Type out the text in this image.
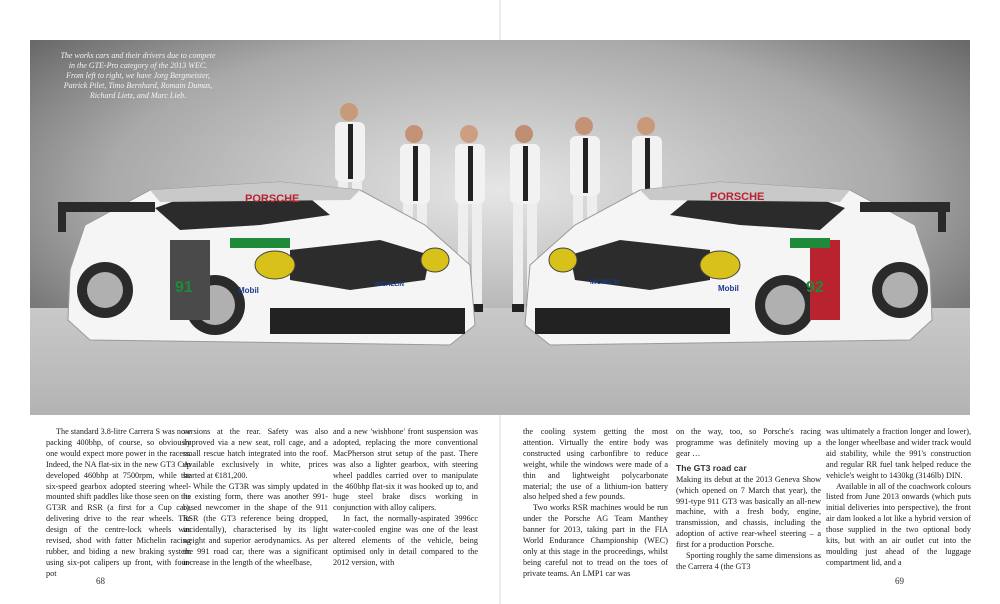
PORSCHE	PORSCHE
91	92
Mobil
MICHELIN	Mobil
MICHELIN
The works cars and their drivers due to compete
in the GTE-Pro category of the 2013 WEC.
From left to right, we have Jorg Bergmeister,
Patrick Pilet, Timo Bernhard, Romain Dumas,
Richard Lietz, and Marc Lieb.

The standard 3.8-litre Carrera S was now packing 400bhp, of course, so obviously one would expect more power in the racers. Indeed, the NA flat-six in the new GT3 Cup developed 460bhp at 7500rpm, while the six-speed gearbox adopted steering wheel-mounted shift paddles like those seen on the GT3R and RSR (a first for a Cup car), delivering drive to the rear wheels. The design of the centre-lock wheels was revised, shod with fatter Michelin racing rubber, and biding a new braking system using six-pot calipers up front, with four-pot

versions at the rear. Safety was also improved via a new seat, roll cage, and a small rescue hatch integrated into the roof. Available exclusively in white, prices started at €181,200.

While the GT3R was simply updated in its existing form, there was another 991-based newcomer in the shape of the 911 RSR (the GT3 reference being dropped, incidentally), characterised by its light weight and superior aerodynamics. As per the 991 road car, there was a significant increase in the length of the wheelbase,

and a new 'wishbone' front suspension was adopted, replacing the more conventional MacPherson strut setup of the past. There was also a lighter gearbox, with steering wheel paddles carried over to manipulate the 460bhp flat-six it was hooked up to, and huge steel brake discs working in conjunction with alloy calipers.

In fact, the normally-aspirated 3996cc water-cooled engine was one of the least altered elements of the vehicle, being optimised only in detail compared to the 2012 version, with

the cooling system getting the most attention. Virtually the entire body was constructed using carbonfibre to reduce weight, while the windows were made of a thin and lightweight polycarbonate material; the use of a lithium-ion battery also helped shed a few pounds.

Two works RSR machines would be run under the Porsche AG Team Manthey banner for 2013, taking part in the FIA World Endurance Championship (WEC) only at this stage in the proceedings, whilst being careful not to tread on the toes of private teams. An LMP1 car was

on the way, too, so Porsche's racing programme was definitely moving up a gear …

The GT3 road car

Making its debut at the 2013 Geneva Show (which opened on 7 March that year), the 991-type 911 GT3 was basically an all-new machine, with a fresh body, engine, transmission, and chassis, including the adoption of active rear-wheel steering – a first for a production Porsche.

Sporting roughly the same dimensions as the Carrera 4 (the GT3

was ultimately a fraction longer and lower), the longer wheelbase and wider track would aid stability, while the 991's construction and regular RR fuel tank helped reduce the vehicle's weight to 1430kg (3146lb) DIN.

Available in all of the coachwork colours listed from June 2013 onwards (which puts initial deliveries into perspective), the front air dam looked a lot like a hybrid version of those supplied in the two optional body kits, but with an air outlet cut into the moulding just ahead of the luggage compartment lid, and a

68	69
